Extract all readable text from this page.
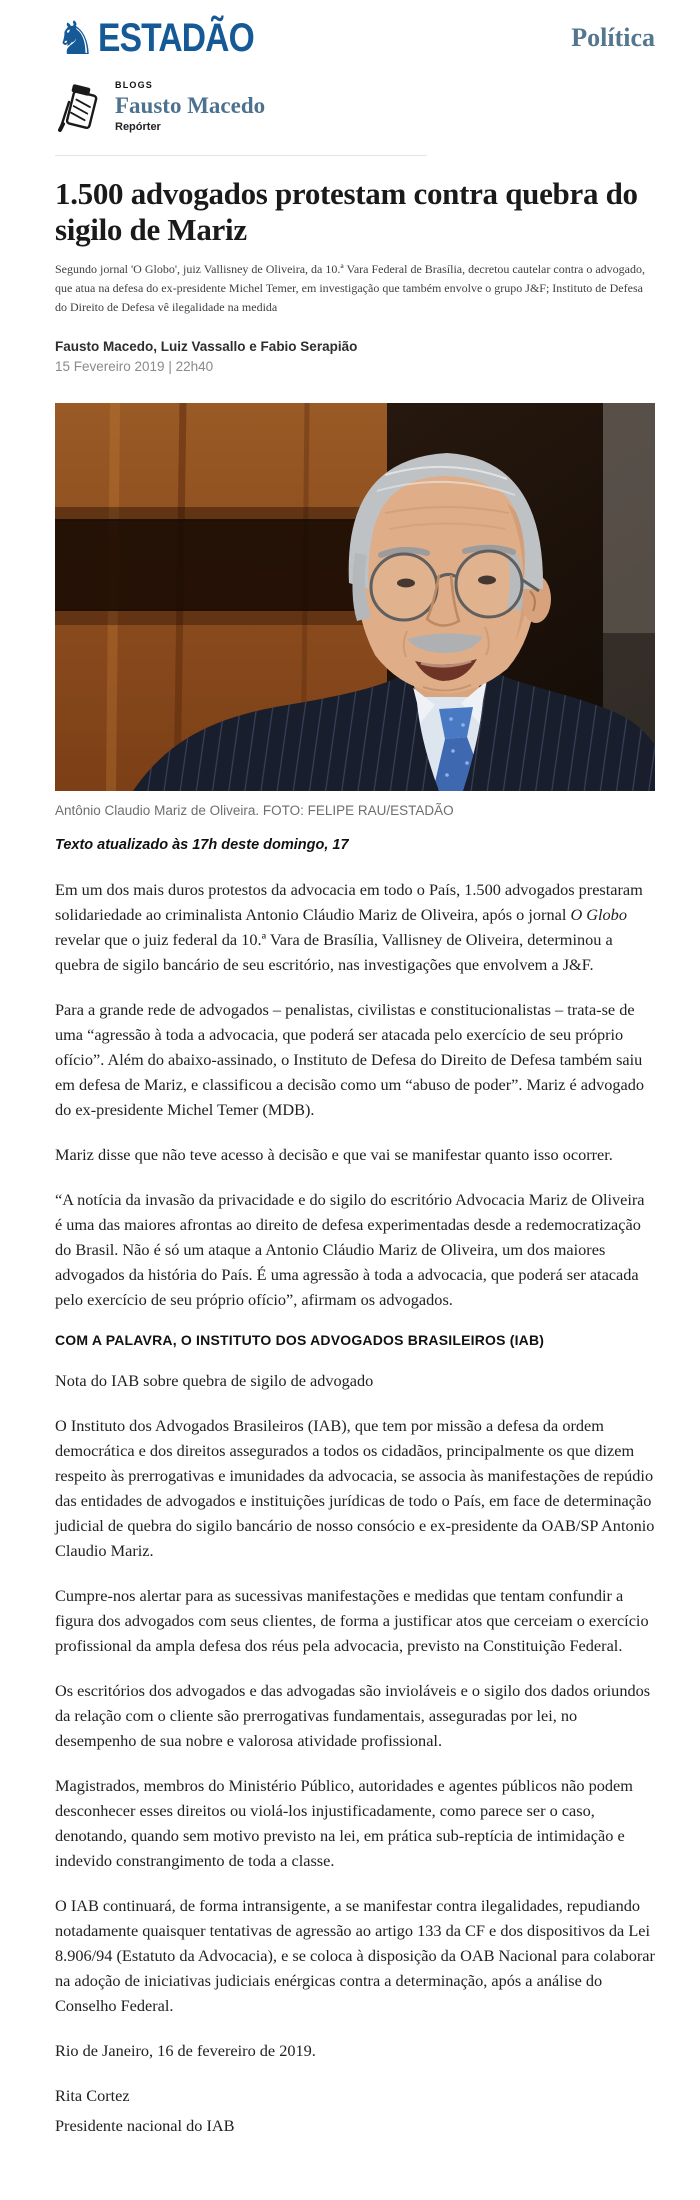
♞ ESTADÃO	Política
BLOGS
Fausto Macedo
Repórter
1.500 advogados protestam contra quebra do sigilo de Mariz

Segundo jornal 'O Globo', juiz Vallisney de Oliveira, da 10.ª Vara Federal de Brasília, decretou cautelar contra o advogado, que atua na defesa do ex-presidente Michel Temer, em investigação que também envolve o grupo J&F; Instituto de Defesa do Direito de Defesa vê ilegalidade na medida

Fausto Macedo, Luiz Vassallo e Fabio Serapião
15 Fevereiro 2019 | 22h40
Antônio Claudio Mariz de Oliveira. FOTO: FELIPE RAU/ESTADÃO

Texto atualizado às 17h deste domingo, 17

Em um dos mais duros protestos da advocacia em todo o País, 1.500 advogados prestaram solidariedade ao criminalista Antonio Cláudio Mariz de Oliveira, após o jornal O Globo revelar que o juiz federal da 10.ª Vara de Brasília, Vallisney de Oliveira, determinou a quebra de sigilo bancário de seu escritório, nas investigações que envolvem a J&F.

Para a grande rede de advogados – penalistas, civilistas e constitucionalistas – trata-se de uma “agressão à toda a advocacia, que poderá ser atacada pelo exercício de seu próprio ofício”. Além do abaixo-assinado, o Instituto de Defesa do Direito de Defesa também saiu em defesa de Mariz, e classificou a decisão como um “abuso de poder”. Mariz é advogado do ex-presidente Michel Temer (MDB).

Mariz disse que não teve acesso à decisão e que vai se manifestar quanto isso ocorrer.

“A notícia da invasão da privacidade e do sigilo do escritório Advocacia Mariz de Oliveira é uma das maiores afrontas ao direito de defesa experimentadas desde a redemocratização do Brasil. Não é só um ataque a Antonio Cláudio Mariz de Oliveira, um dos maiores advogados da história do País. É uma agressão à toda a advocacia, que poderá ser atacada pelo exercício de seu próprio ofício”, afirmam os advogados.

COM A PALAVRA, O INSTITUTO DOS ADVOGADOS BRASILEIROS (IAB)

Nota do IAB sobre quebra de sigilo de advogado

O Instituto dos Advogados Brasileiros (IAB), que tem por missão a defesa da ordem democrática e dos direitos assegurados a todos os cidadãos, principalmente os que dizem respeito às prerrogativas e imunidades da advocacia, se associa às manifestações de repúdio das entidades de advogados e instituições jurídicas de todo o País, em face de determinação judicial de quebra do sigilo bancário de nosso consócio e ex-presidente da OAB/SP Antonio Claudio Mariz.

Cumpre-nos alertar para as sucessivas manifestações e medidas que tentam confundir a figura dos advogados com seus clientes, de forma a justificar atos que cerceiam o exercício profissional da ampla defesa dos réus pela advocacia, previsto na Constituição Federal.

Os escritórios dos advogados e das advogadas são invioláveis e o sigilo dos dados oriundos da relação com o cliente são prerrogativas fundamentais, asseguradas por lei, no desempenho de sua nobre e valorosa atividade profissional.

Magistrados, membros do Ministério Público, autoridades e agentes públicos não podem desconhecer esses direitos ou violá-los injustificadamente, como parece ser o caso, denotando, quando sem motivo previsto na lei, em prática sub-reptícia de intimidação e indevido constrangimento de toda a classe.

O IAB continuará, de forma intransigente, a se manifestar contra ilegalidades, repudiando notadamente quaisquer tentativas de agressão ao artigo 133 da CF e dos dispositivos da Lei 8.906/94 (Estatuto da Advocacia), e se coloca à disposição da OAB Nacional para colaborar na adoção de iniciativas judiciais enérgicas contra a determinação, após a análise do Conselho Federal.

Rio de Janeiro, 16 de fevereiro de 2019.

Rita Cortez

Presidente nacional do IAB
